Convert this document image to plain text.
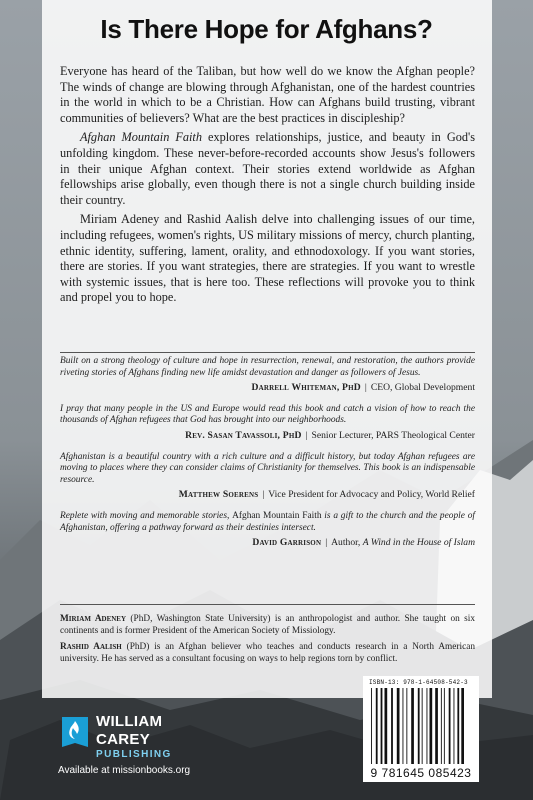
Is There Hope for Afghans?

Everyone has heard of the Taliban, but how well do we know the Afghan people? The winds of change are blowing through Afghanistan, one of the hardest countries in the world in which to be a Christian. How can Afghans build trusting, vibrant communities of believers? What are the best practices in discipleship?

Afghan Mountain Faith explores relationships, justice, and beauty in God's unfolding kingdom. These never-before-recorded accounts show Jesus's followers in their unique Afghan context. Their stories extend worldwide as Afghan fellowships arise globally, even though there is not a single church building inside their country.

Miriam Adeney and Rashid Aalish delve into challenging issues of our time, including refugees, women's rights, US military missions of mercy, church planting, ethnic identity, suffering, lament, orality, and ethnodoxology. If you want stories, there are stories. If you want strategies, there are strategies. If you want to wrestle with systemic issues, that is here too. These reflections will provoke you to think and propel you to hope.

Built on a strong theology of culture and hope in resurrection, renewal, and restoration, the authors provide riveting stories of Afghans finding new life amidst devastation and danger as followers of Jesus.

Darrell Whiteman, PhD | CEO, Global Development

I pray that many people in the US and Europe would read this book and catch a vision of how to reach the thousands of Afghan refugees that God has brought into our neighborhoods.

Rev. Sasan Tavassoli, PhD | Senior Lecturer, PARS Theological Center

Afghanistan is a beautiful country with a rich culture and a difficult history, but today Afghan refugees are moving to places where they can consider claims of Christianity for themselves. This book is an indispensable resource.

Matthew Soerens | Vice President for Advocacy and Policy, World Relief

Replete with moving and memorable stories, Afghan Mountain Faith is a gift to the church and the people of Afghanistan, offering a pathway forward as their destinies intersect.

David Garrison | Author, A Wind in the House of Islam

Miriam Adeney (PhD, Washington State University) is an anthropologist and author. She taught on six continents and is former President of the American Society of Missiology.

Rashid Aalish (PhD) is an Afghan believer who teaches and conducts research in a North American university. He has served as a consultant focusing on ways to help regions torn by conflict.

WILLIAM
CAREY
PUBLISHING
Available at missionbooks.org
ISBN-13: 978-1-64508-542-3
9 781645 085423
